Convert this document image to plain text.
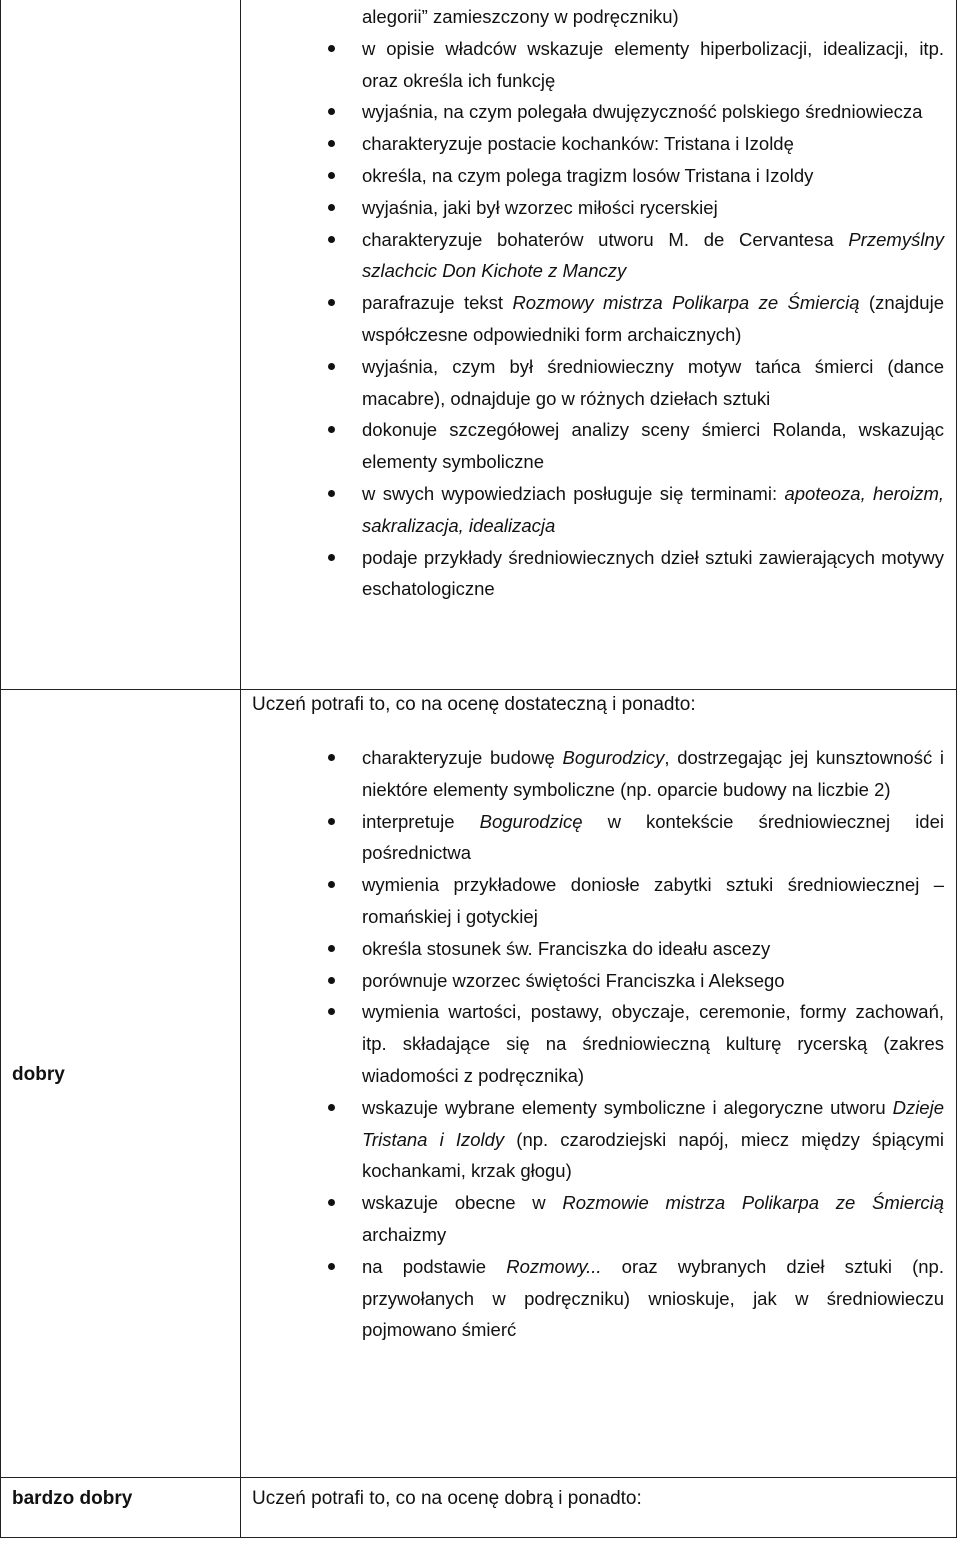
alegorii” zamieszczony w podręczniku)
w opisie władców wskazuje elementy hiperbolizacji, idealizacji, itp. oraz określa ich funkcję
wyjaśnia, na czym polegała dwujęzyczność polskiego średniowiecza
charakteryzuje postacie kochanków: Tristana i Izoldę
określa, na czym polega tragizm losów Tristana i Izoldy
wyjaśnia, jaki był wzorzec miłości rycerskiej
charakteryzuje bohaterów utworu M. de Cervantesa Przemyślny szlachcic Don Kichote z Manczy
parafrazuje tekst Rozmowy mistrza Polikarpa ze Śmiercią (znajduje współczesne odpowiedniki form archaicznych)
wyjaśnia, czym był średniowieczny motyw tańca śmierci (dance macabre), odnajduje go w różnych dziełach sztuki
dokonuje szczegółowej analizy sceny śmierci Rolanda, wskazując elementy symboliczne
w swych wypowiedziach posługuje się terminami: apoteoza, heroizm, sakralizacja, idealizacja
podaje przykłady średniowiecznych dzieł sztuki zawierających motywy eschatologiczne
dobry
Uczeń potrafi to, co na ocenę dostateczną i ponadto:
charakteryzuje budowę Bogurodzicy, dostrzegając jej kunsztowność i niektóre elementy symboliczne (np. oparcie budowy na liczbie 2)
interpretuje Bogurodzicę w kontekście średniowiecznej idei pośrednictwa
wymienia przykładowe doniosłe zabytki sztuki średniowiecznej – romańskiej i gotyckiej
określa stosunek św. Franciszka do ideału ascezy
porównuje wzorzec świętości Franciszka i Aleksego
wymienia wartości, postawy, obyczaje, ceremonie, formy zachowań, itp. składające się na średniowieczną kulturę rycerską (zakres wiadomości z podręcznika)
wskazuje wybrane elementy symboliczne i alegoryczne utworu Dzieje Tristana i Izoldy (np. czarodziejski napój, miecz między śpiącymi kochankami, krzak głogu)
wskazuje obecne w Rozmowie mistrza Polikarpa ze Śmiercią archaizmy
na podstawie Rozmowy... oraz wybranych dzieł sztuki (np. przywołanych w podręczniku) wnioskuje, jak w średniowieczu pojmowano śmierć
bardzo dobry	Uczeń potrafi to, co na ocenę dobrą i ponadto:
